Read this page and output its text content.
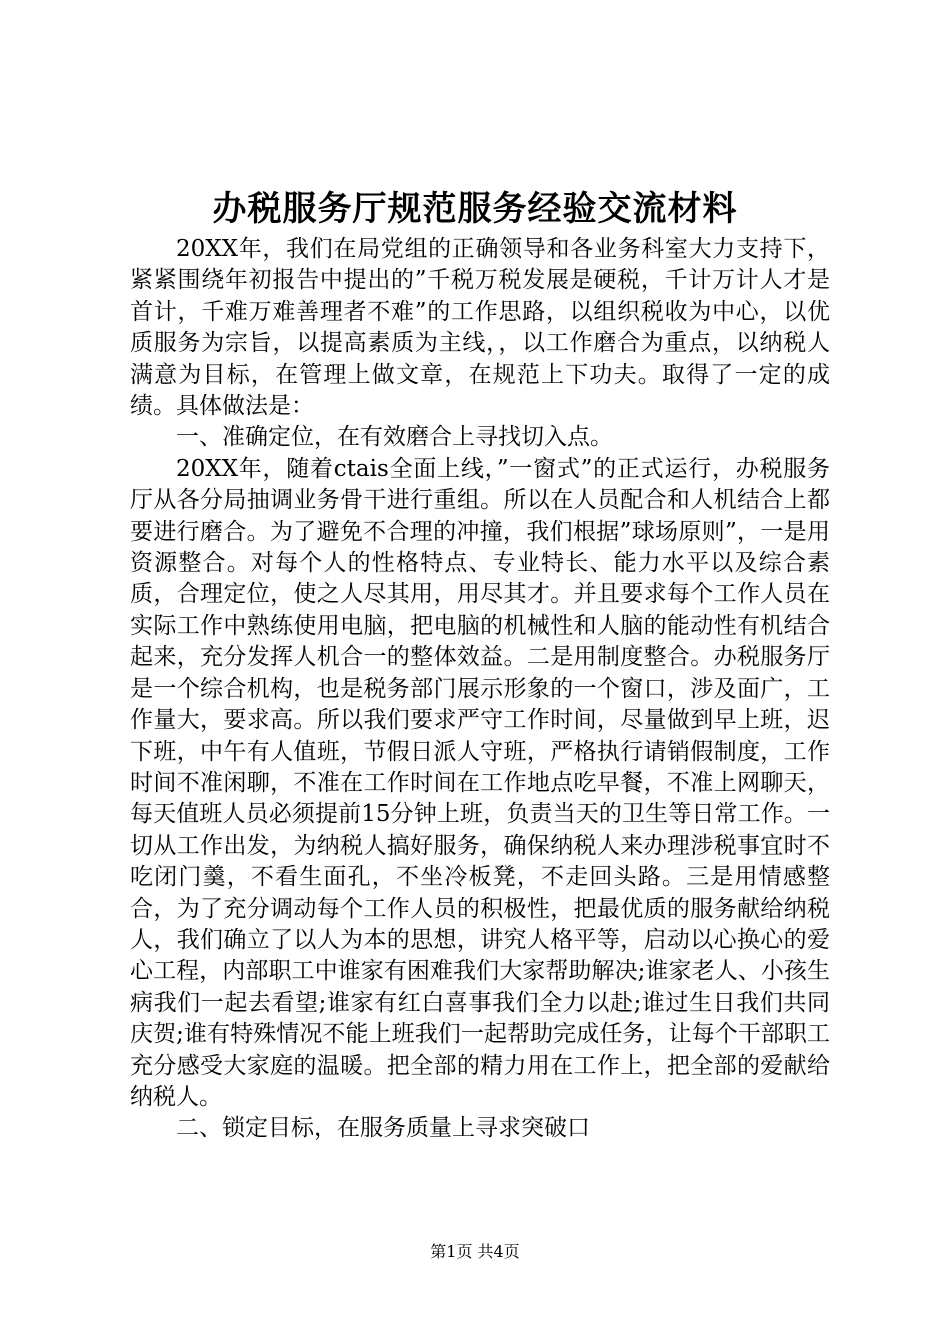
办税服务厅规范服务经验交流材料

20XX年，我们在局党组的正确领导和各业务科室大力支持下，紧紧围绕年初报告中提出的”千税万税发展是硬税，千计万计人才是首计，千难万难善理者不难”的工作思路，以组织税收为中心，以优质服务为宗旨，以提高素质为主线，，以工作磨合为重点，以纳税人满意为目标，在管理上做文章，在规范上下功夫。取得了一定的成绩。具体做法是：

一、准确定位，在有效磨合上寻找切入点。

20XX年，随着ctais全面上线，”一窗式”的正式运行，办税服务厅从各分局抽调业务骨干进行重组。所以在人员配合和人机结合上都要进行磨合。为了避免不合理的冲撞，我们根据”球场原则”，一是用资源整合。对每个人的性格特点、专业特长、能力水平以及综合素质，合理定位，使之人尽其用，用尽其才。并且要求每个工作人员在实际工作中熟练使用电脑，把电脑的机械性和人脑的能动性有机结合起来，充分发挥人机合一的整体效益。二是用制度整合。办税服务厅是一个综合机构，也是税务部门展示形象的一个窗口，涉及面广，工作量大，要求高。所以我们要求严守工作时间，尽量做到早上班，迟下班，中午有人值班，节假日派人守班，严格执行请销假制度，工作时间不准闲聊，不准在工作时间在工作地点吃早餐，不准上网聊天，每天值班人员必须提前15分钟上班，负责当天的卫生等日常工作。一切从工作出发，为纳税人搞好服务，确保纳税人来办理涉税事宜时不吃闭门羹，不看生面孔，不坐冷板凳，不走回头路。三是用情感整合，为了充分调动每个工作人员的积极性，把最优质的服务献给纳税人，我们确立了以人为本的思想，讲究人格平等，启动以心换心的爱心工程，内部职工中谁家有困难我们大家帮助解决;谁家老人、小孩生病我们一起去看望;谁家有红白喜事我们全力以赴;谁过生日我们共同庆贺;谁有特殊情况不能上班我们一起帮助完成任务，让每个干部职工充分感受大家庭的温暖。把全部的精力用在工作上，把全部的爱献给纳税人。

二、锁定目标，在服务质量上寻求突破口

第1页 共4页
